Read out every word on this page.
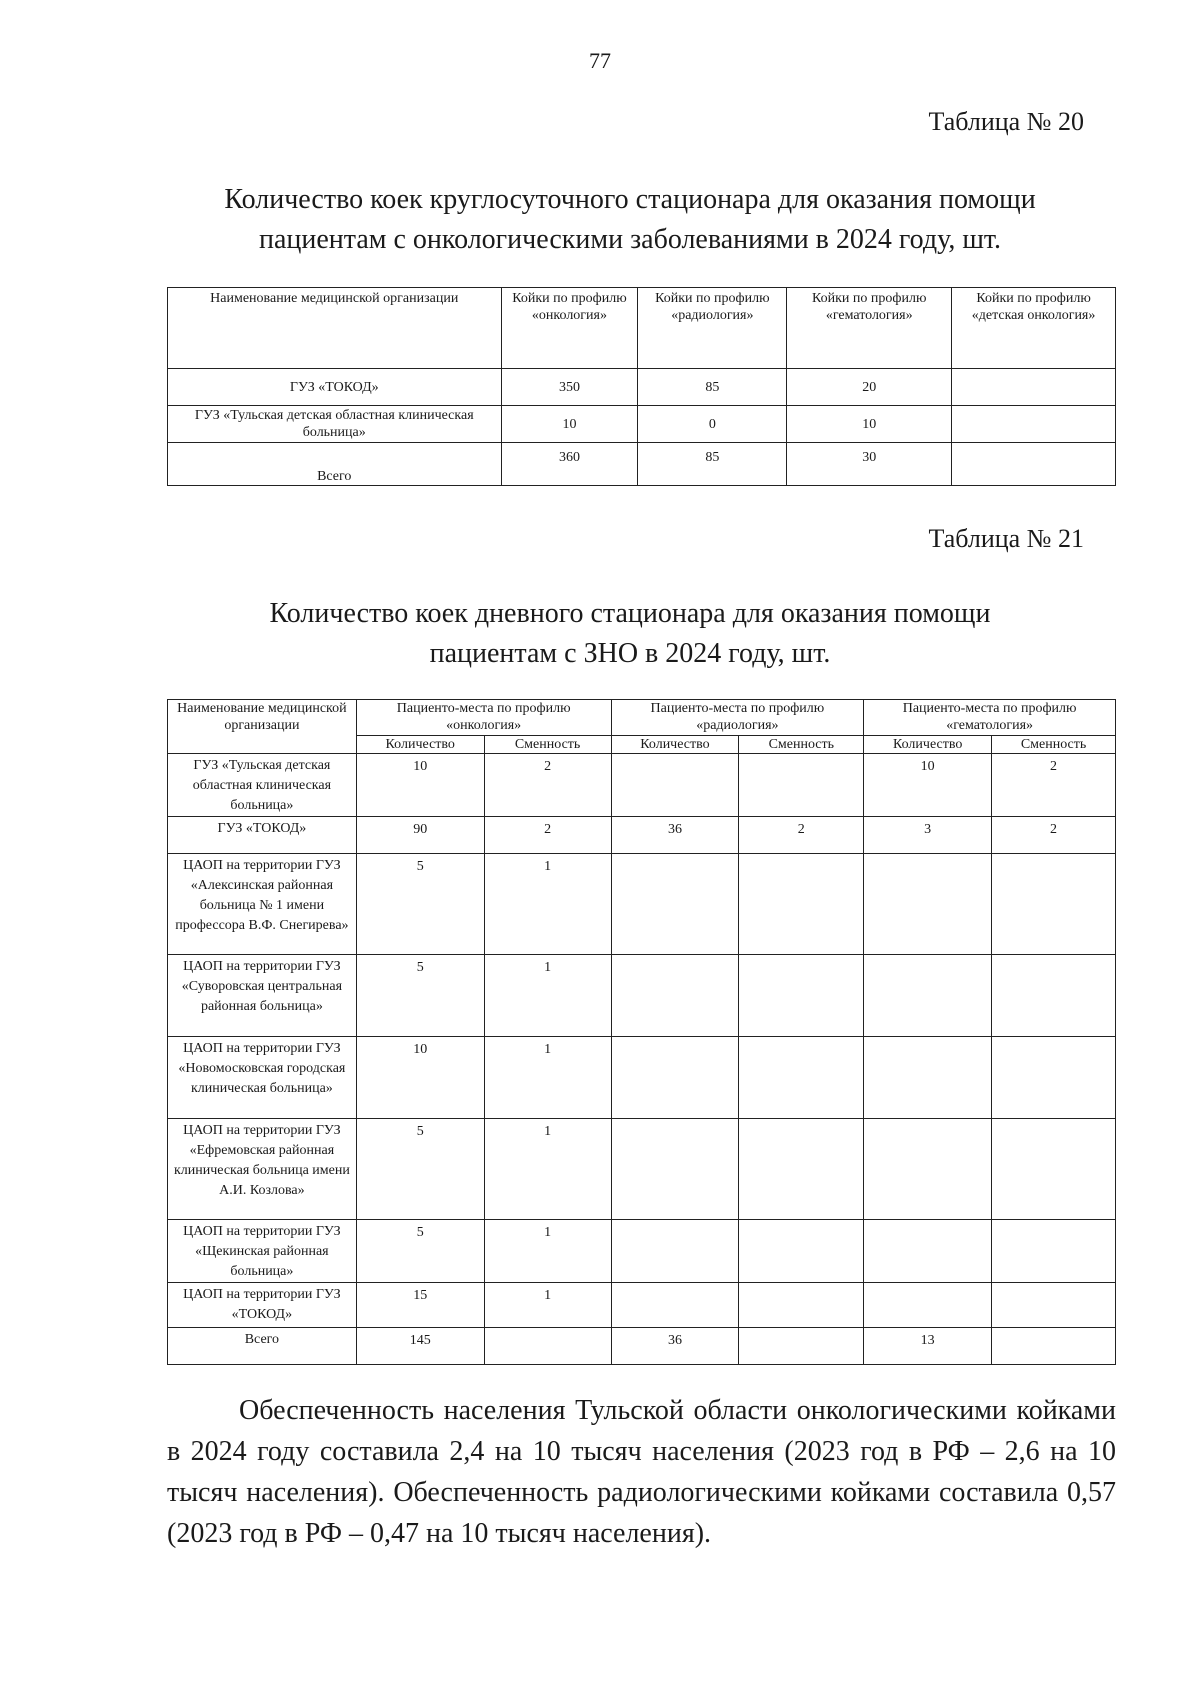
77
Таблица № 20
Количество коек круглосуточного стационара для оказания помощи
пациентам с онкологическими заболеваниями в 2024 году, шт.
Наименование медицинской организации	Койки по профилю «онкология»	Койки по профилю «радиология»	Койки по профилю «гематология»	Койки по профилю «детская онкология»
ГУЗ «ТОКОД»	350	85	20	
ГУЗ «Тульская детская областная клиническая больница»	10	0	10	
Всего	360	85	30	
Таблица № 21
Количество коек дневного стационара для оказания помощи
пациентам с ЗНО в 2024 году, шт.
Наименование медицинской организации	Пациенто-места по профилю «онкология»		Пациенто-места по профилю «радиология»		Пациенто-места по профилю «гематология»	
	Количество	Сменность	Количество	Сменность	Количество	Сменность
ГУЗ «Тульская детская областная клиническая больница»	10	2			10	2
ГУЗ «ТОКОД»	90	2	36	2	3	2
ЦАОП на территории ГУЗ «Алексинская районная больница № 1 имени профессора В.Ф. Снегирева»	5	1				
ЦАОП на территории ГУЗ «Суворовская центральная районная больница»	5	1				
ЦАОП на территории ГУЗ «Новомосковская городская клиническая больница»	10	1				
ЦАОП на территории ГУЗ «Ефремовская районная клиническая больница имени А.И. Козлова»	5	1				
ЦАОП на территории ГУЗ «Щекинская районная больница»	5	1				
ЦАОП на территории ГУЗ «ТОКОД»	15	1				
Всего	145		36		13	
Обеспеченность населения Тульской области онкологическими койками в 2024 году составила 2,4 на 10 тысяч населения (2023 год в РФ – 2,6 на 10 тысяч населения). Обеспеченность радиологическими койками составила 0,57 (2023 год в РФ – 0,47 на 10 тысяч населения).
